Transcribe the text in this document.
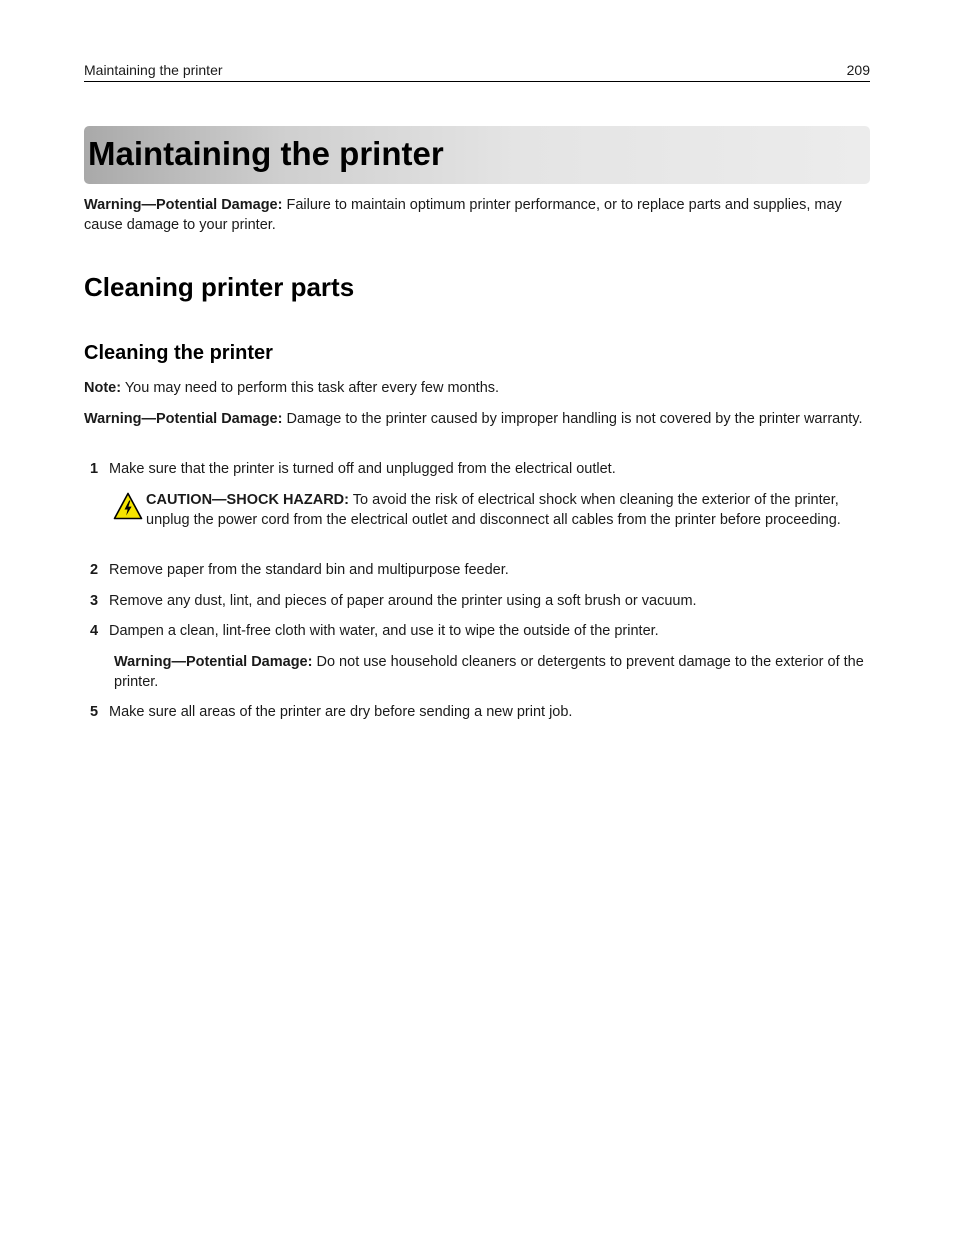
Maintaining the printer	209
Maintaining the printer

Warning—Potential Damage: Failure to maintain optimum printer performance, or to replace parts and supplies, may cause damage to your printer.

Cleaning printer parts
Cleaning the printer

Note: You may need to perform this task after every few months.

Warning—Potential Damage: Damage to the printer caused by improper handling is not covered by the printer warranty.

1 Make sure that the printer is turned off and unplugged from the electrical outlet.

CAUTION—SHOCK HAZARD: To avoid the risk of electrical shock when cleaning the exterior of the printer, unplug the power cord from the electrical outlet and disconnect all cables from the printer before proceeding.

2 Remove paper from the standard bin and multipurpose feeder.
3 Remove any dust, lint, and pieces of paper around the printer using a soft brush or vacuum.
4 Dampen a clean, lint-free cloth with water, and use it to wipe the outside of the printer.

Warning—Potential Damage: Do not use household cleaners or detergents to prevent damage to the exterior of the printer.

5 Make sure all areas of the printer are dry before sending a new print job.
